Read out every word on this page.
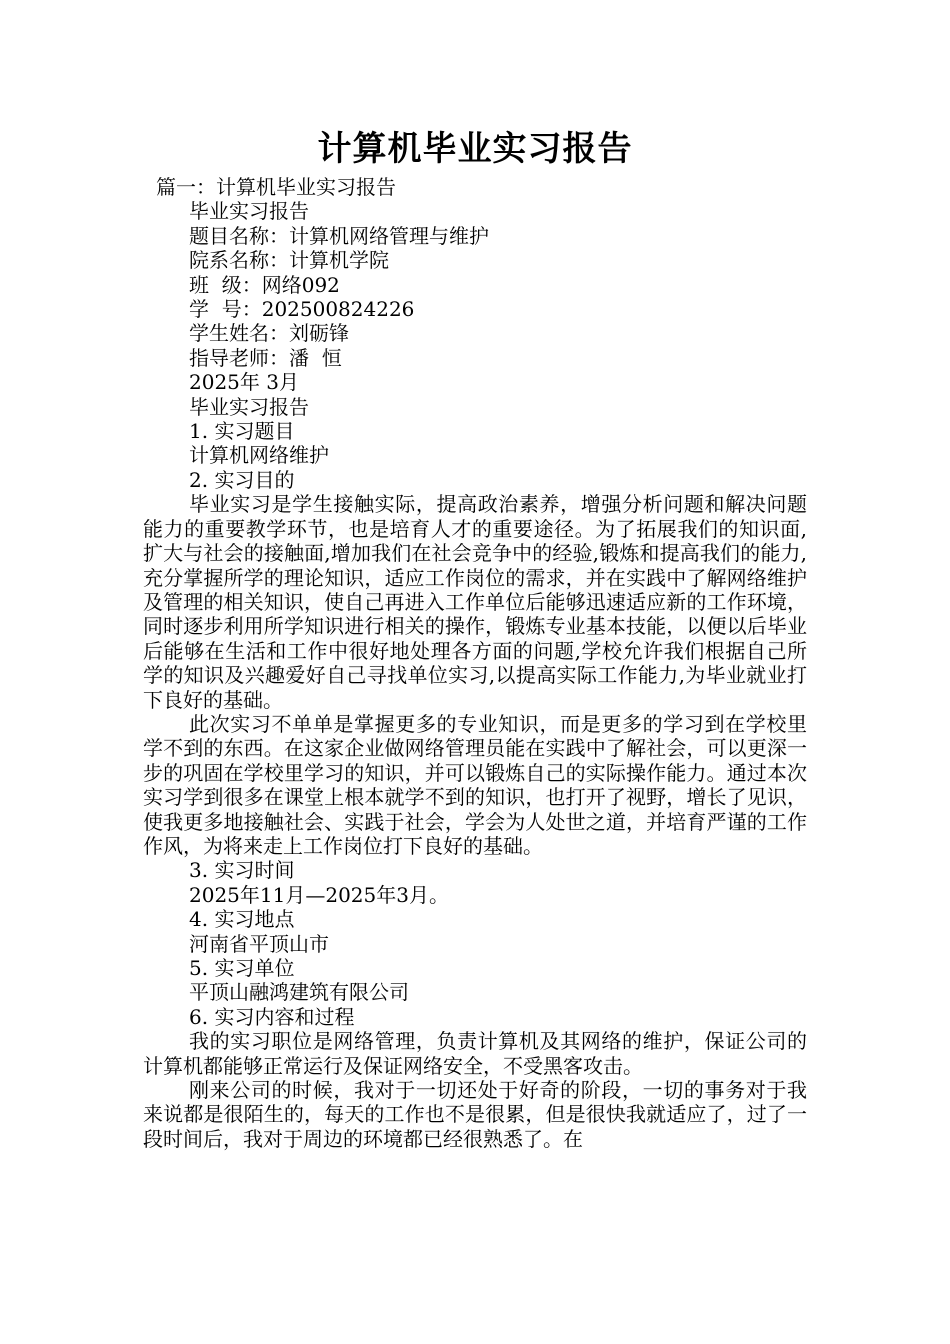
计算机毕业实习报告
篇一：计算机毕业实习报告
毕业实习报告
题目名称：计算机网络管理与维护
院系名称：计算机学院
班  级：网络092
学  号：202500824226
学生姓名：刘砺锋
指导老师：潘  恒
2025年 3月
毕业实习报告
1. 实习题目
计算机网络维护
2. 实习目的
毕业实习是学生接触实际，提高政治素养，增强分析问题和解决问题能力的重要教学环节，也是培育人才的重要途径。为了拓展我们的知识面,扩大与社会的接触面,增加我们在社会竞争中的经验,锻炼和提高我们的能力,充分掌握所学的理论知识，适应工作岗位的需求，并在实践中了解网络维护及管理的相关知识，使自己再进入工作单位后能够迅速适应新的工作环境，同时逐步利用所学知识进行相关的操作，锻炼专业基本技能，以便以后毕业后能够在生活和工作中很好地处理各方面的问题,学校允许我们根据自己所学的知识及兴趣爱好自己寻找单位实习,以提高实际工作能力,为毕业就业打下良好的基础。
此次实习不单单是掌握更多的专业知识，而是更多的学习到在学校里学不到的东西。在这家企业做网络管理员能在实践中了解社会，可以更深一步的巩固在学校里学习的知识，并可以锻炼自己的实际操作能力。通过本次实习学到很多在课堂上根本就学不到的知识，也打开了视野，增长了见识，使我更多地接触社会、实践于社会，学会为人处世之道，并培育严谨的工作作风，为将来走上工作岗位打下良好的基础。
3. 实习时间
2025年11月—2025年3月。
4. 实习地点
河南省平顶山市
5. 实习单位
平顶山融鸿建筑有限公司
6. 实习内容和过程
我的实习职位是网络管理，负责计算机及其网络的维护，保证公司的计算机都能够正常运行及保证网络安全，不受黑客攻击。
刚来公司的时候，我对于一切还处于好奇的阶段，一切的事务对于我来说都是很陌生的，每天的工作也不是很累，但是很快我就适应了，过了一段时间后，我对于周边的环境都已经很熟悉了。在
